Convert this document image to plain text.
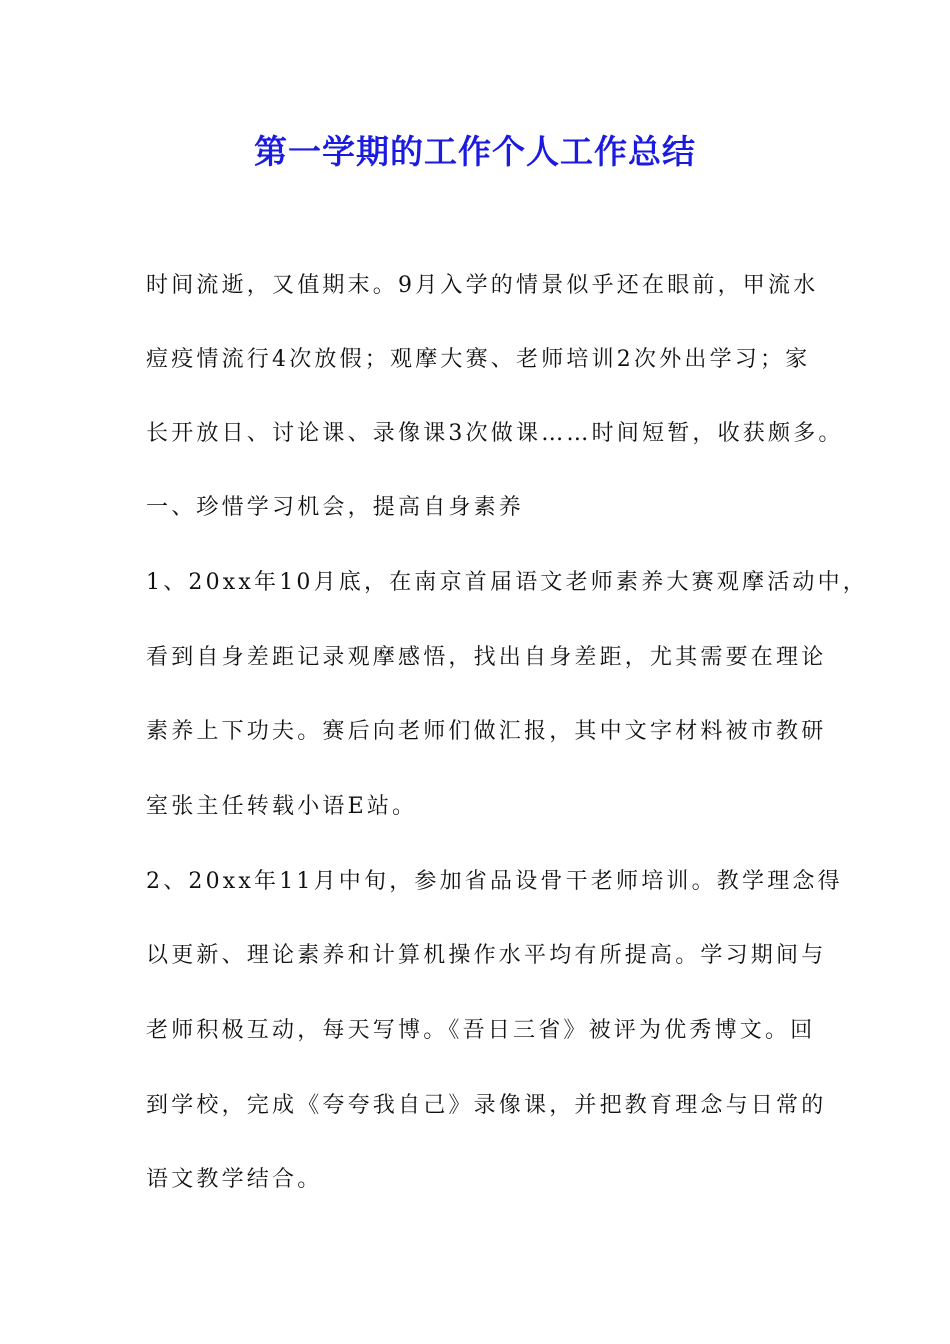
第一学期的工作个人工作总结
时间流逝，又值期末。9月入学的情景似乎还在眼前，甲流水
痘疫情流行4次放假；观摩大赛、老师培训2次外出学习；家
长开放日、讨论课、录像课3次做课……时间短暂，收获颇多。
一、珍惜学习机会，提高自身素养
1、20xx年10月底，在南京首届语文老师素养大赛观摩活动中，
看到自身差距记录观摩感悟，找出自身差距，尤其需要在理论
素养上下功夫。赛后向老师们做汇报，其中文字材料被市教研
室张主任转载小语E站。
2、20xx年11月中旬，参加省品设骨干老师培训。教学理念得
以更新、理论素养和计算机操作水平均有所提高。学习期间与
老师积极互动，每天写博。《吾日三省》被评为优秀博文。回
到学校，完成《夸夸我自己》录像课，并把教育理念与日常的
语文教学结合。
